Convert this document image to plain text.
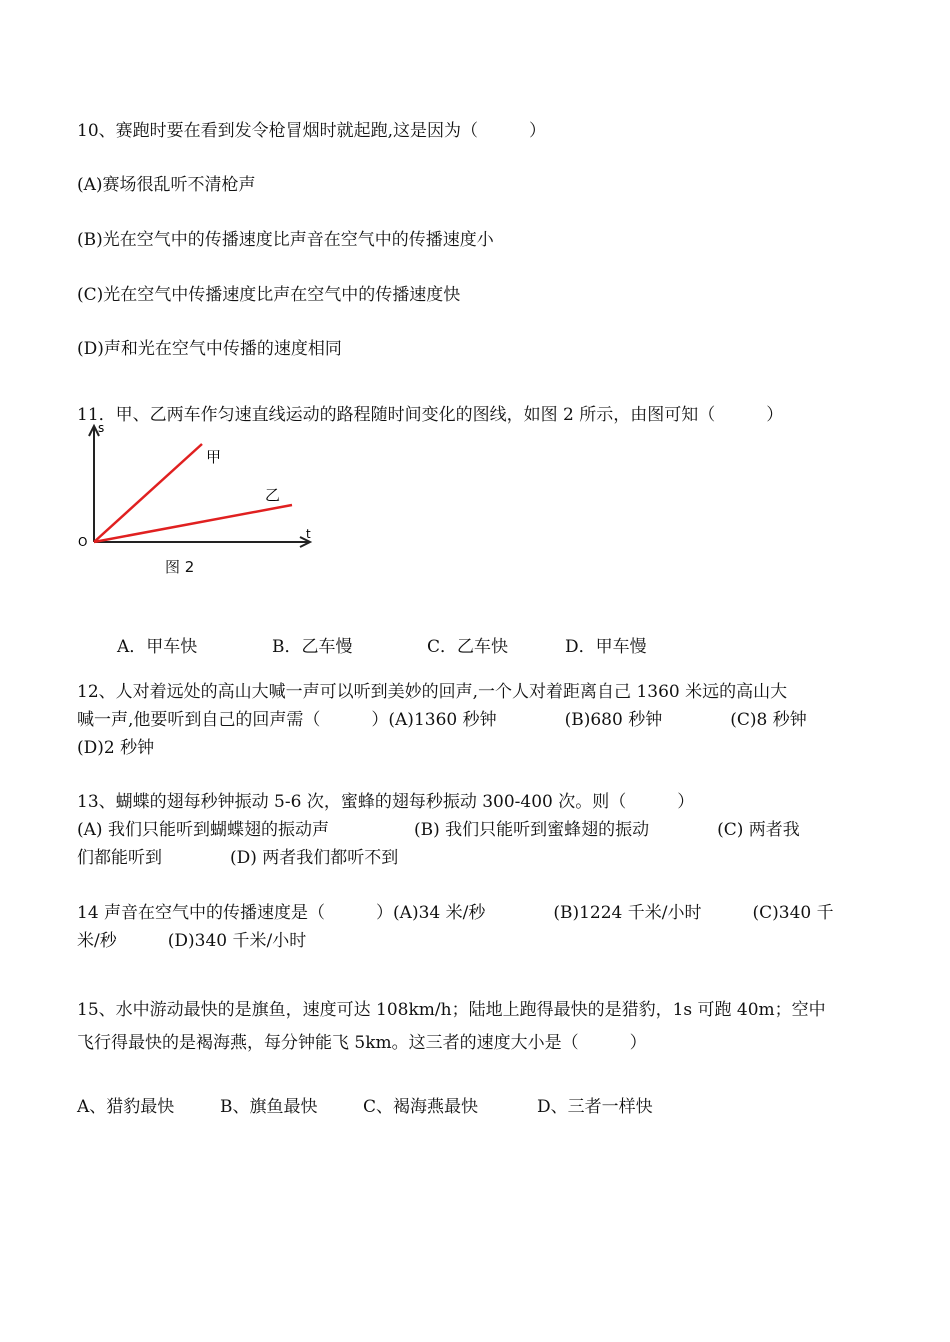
10、赛跑时要在看到发令枪冒烟时就起跑,这是因为（　　　）
(A)赛场很乱听不清枪声
(B)光在空气中的传播速度比声音在空气中的传播速度小
(C)光在空气中传播速度比声在空气中的传播速度快
(D)声和光在空气中传播的速度相同
11．甲、乙两车作匀速直线运动的路程随时间变化的图线，如图 2 所示，由图可知（　　　）
s
t
O
甲
乙
图 2
A．甲车快	B．乙车慢	C．乙车快	D．甲车慢
12、人对着远处的高山大喊一声可以听到美妙的回声,一个人对着距离自己 1360 米远的高山大
喊一声,他要听到自己的回声需（　　　）(A)1360 秒钟　　　　(B)680 秒钟　　　　(C)8 秒钟
(D)2 秒钟
13、蝴蝶的翅每秒钟振动 5-6 次，蜜蜂的翅每秒振动 300-400 次。则（　　　）
(A) 我们只能听到蝴蝶翅的振动声　　　　　(B) 我们只能听到蜜蜂翅的振动　　　　(C) 两者我
们都能听到　　　　(D) 两者我们都听不到
14 声音在空气中的传播速度是（　　　）(A)34 米/秒　　　　(B)1224 千米/小时　　　(C)340 千
米/秒　　　(D)340 千米/小时
15、水中游动最快的是旗鱼，速度可达 108km/h；陆地上跑得最快的是猎豹，1s 可跑 40m；空中
飞行得最快的是褐海燕，每分钟能飞 5km。这三者的速度大小是（　　　）
A、猎豹最快	B、旗鱼最快	C、褐海燕最快	D、三者一样快
